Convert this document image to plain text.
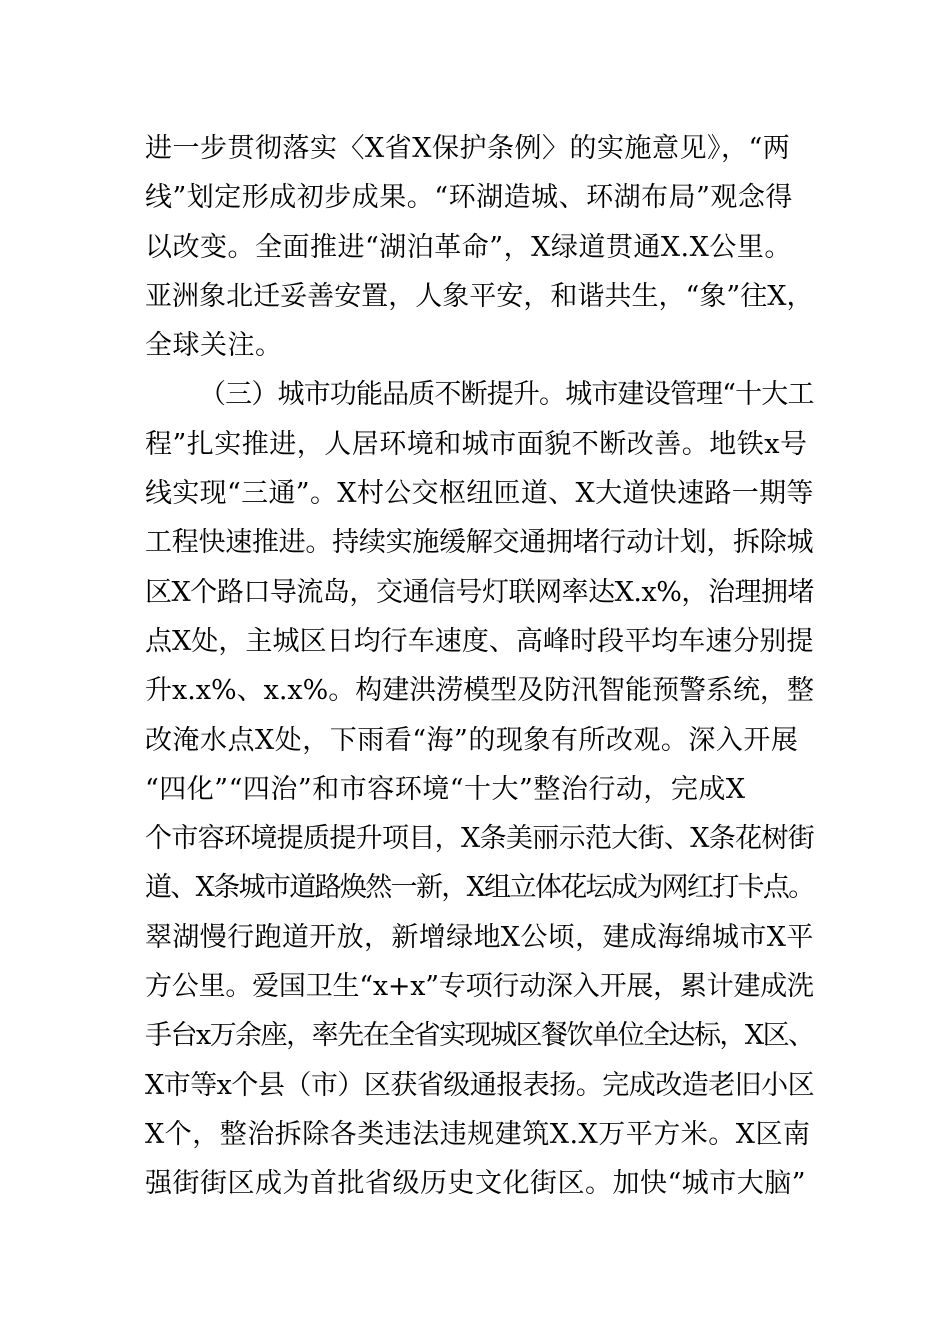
进一步贯彻落实〈X省X保护条例〉的实施意见》，“两
线”划定形成初步成果。“环湖造城、环湖布局”观念得
以改变。全面推进“湖泊革命”，X绿道贯通X.X公里。
亚洲象北迁妥善安置，人象平安，和谐共生，“象”往X，
全球关注。
（三）城市功能品质不断提升。城市建设管理“十大工
程”扎实推进，人居环境和城市面貌不断改善。地铁x号
线实现“三通”。X村公交枢纽匝道、X大道快速路一期等
工程快速推进。持续实施缓解交通拥堵行动计划，拆除城
区X个路口导流岛，交通信号灯联网率达X.x%，治理拥堵
点X处，主城区日均行车速度、高峰时段平均车速分别提
升x.x%、x.x%。构建洪涝模型及防汛智能预警系统，整
改淹水点X处，下雨看“海”的现象有所改观。深入开展
“四化”“四治”和市容环境“十大”整治行动，完成X
个市容环境提质提升项目，X条美丽示范大街、X条花树街
道、X条城市道路焕然一新，X组立体花坛成为网红打卡点。
翠湖慢行跑道开放，新增绿地X公顷，建成海绵城市X平
方公里。爱国卫生“x+x”专项行动深入开展，累计建成洗
手台x万余座，率先在全省实现城区餐饮单位全达标，X区、
X市等x个县（市）区获省级通报表扬。完成改造老旧小区
X个，整治拆除各类违法违规建筑X.X万平方米。X区南
强街街区成为首批省级历史文化街区。加快“城市大脑”
